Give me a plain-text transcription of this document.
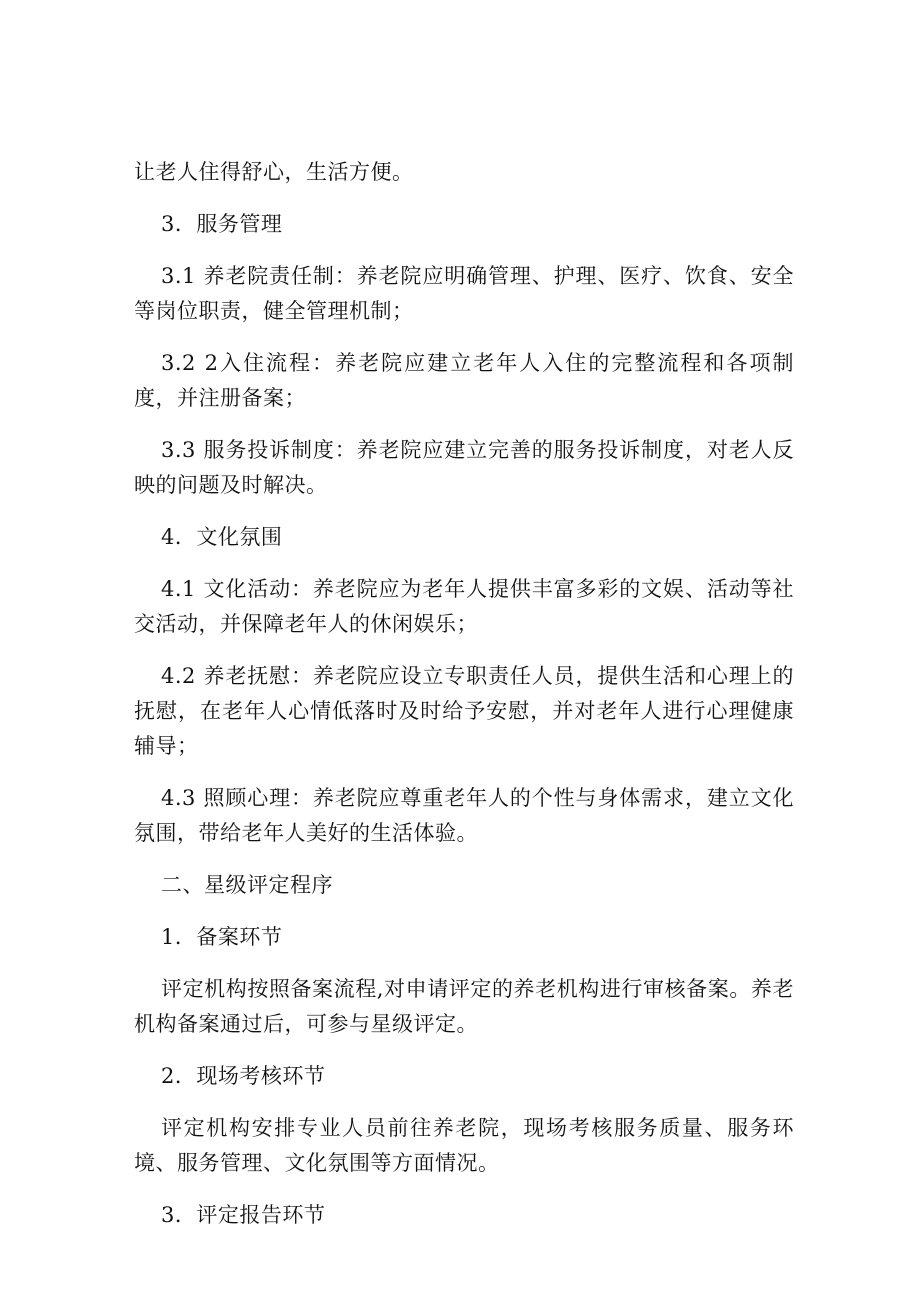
让老人住得舒心，生活方便。

3．服务管理

3.1 养老院责任制：养老院应明确管理、护理、医疗、饮食、安全等岗位职责，健全管理机制；

3.2 2入住流程：养老院应建立老年人入住的完整流程和各项制度，并注册备案；

3.3 服务投诉制度：养老院应建立完善的服务投诉制度，对老人反映的问题及时解决。

4．文化氛围

4.1 文化活动：养老院应为老年人提供丰富多彩的文娱、活动等社交活动，并保障老年人的休闲娱乐；

4.2 养老抚慰：养老院应设立专职责任人员，提供生活和心理上的抚慰，在老年人心情低落时及时给予安慰，并对老年人进行心理健康辅导；

4.3 照顾心理：养老院应尊重老年人的个性与身体需求，建立文化氛围，带给老年人美好的生活体验。

二、星级评定程序

1．备案环节

评定机构按照备案流程,对申请评定的养老机构进行审核备案。养老机构备案通过后，可参与星级评定。

2．现场考核环节

评定机构安排专业人员前往养老院，现场考核服务质量、服务环境、服务管理、文化氛围等方面情况。

3．评定报告环节
